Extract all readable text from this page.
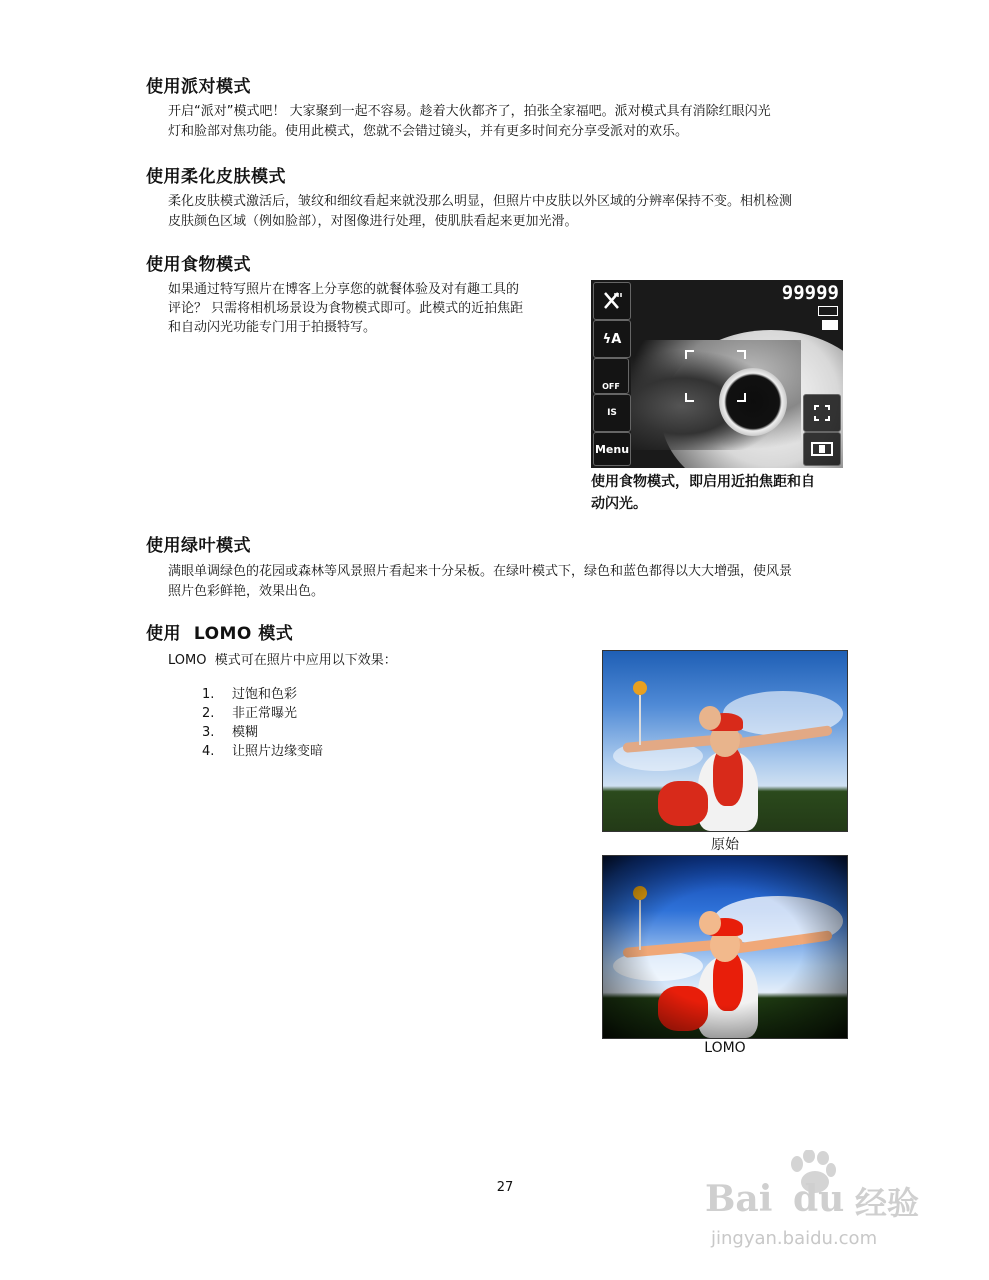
使用派对模式

开启“派对”模式吧！ 大家聚到一起不容易。趁着大伙都齐了，拍张全家福吧。派对模式具有消除红眼闪光

灯和脸部对焦功能。使用此模式，您就不会错过镜头，并有更多时间充分享受派对的欢乐。

使用柔化皮肤模式

柔化皮肤模式激活后，皱纹和细纹看起来就没那么明显，但照片中皮肤以外区域的分辨率保持不变。相机检测

皮肤颜色区域（例如脸部），对图像进行处理，使肌肤看起来更加光滑。

使用食物模式

如果通过特写照片在博客上分享您的就餐体验及对有趣工具的

评论？ 只需将相机场景设为食物模式即可。此模式的近拍焦距

和自动闪光功能专门用于拍摄特写。

ϟA
OFF
IS
Menu
99999

使用食物模式，即启用近拍焦距和自

动闪光。

使用绿叶模式

满眼单调绿色的花园或森林等风景照片看起来十分呆板。在绿叶模式下，绿色和蓝色都得以大大增强，使风景

照片色彩鲜艳，效果出色。

使用  LOMO 模式

LOMO  模式可在照片中应用以下效果：

1. 过饱和色彩
2. 非正常曝光
3. 模糊
4. 让照片边缘变暗
原始
LOMO
27	Bai du 经验
jingyan.baidu.com
